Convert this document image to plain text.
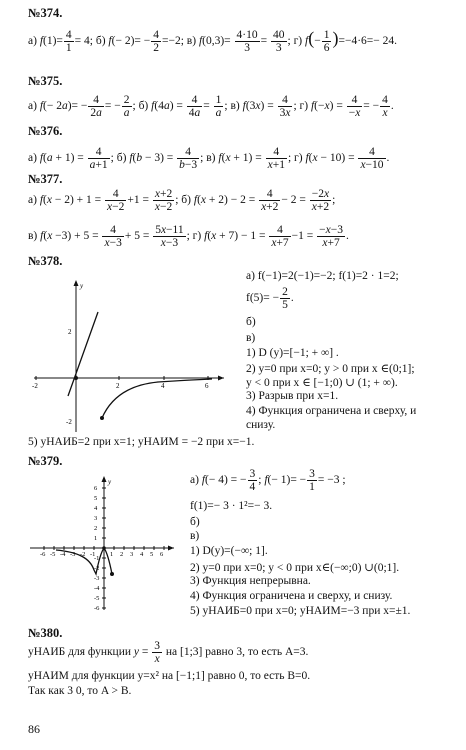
№374.
а) $f(1)= \frac{4}{1} = 4$; б) $f(- 2)= - \frac{4}{2} =-2$; в) $f(0,3)= \frac{4\cdot 10}{3} = \frac{40}{3}$ ; г) $f(- \frac{1}{6} )=-4\cdot 6=- 24$.
№375.
а) $f(- 2a)= - \frac{4}{2a}$ = − $\frac{2}{a}$ ; б) $f(4a) = \frac{4}{4a} = \frac{1}{a}$ ; в) $f(3x) = \frac{4}{3x}$ ; г) $f(-x) = \frac{4}{-x}$ = − $\frac{4}{x}$ .
№376.
а) $f(a + 1) = \frac{4}{a+1}$ ; б) $f(b - 3) = \frac{4}{b-3}$ ; в) $f(x + 1) = \frac{4}{x+1}$ ; г) $f(x - 10) = \frac{4}{x-10}$ .
№377.
а) $f(x - 2) + 1 = \frac{4}{x-2} +1 = \frac{x+2}{x-2}$ ; б) $f(x + 2) - 2 = \frac{4}{x+2} - 2 = \frac{-2x}{x+2}$ ;
в) $f(x -3) + 5 = \frac{4}{x-3} + 5 = \frac{5x-11}{x-3}$ ; г) $f(x + 7) - 1 = \frac{4}{x+7} -1 = \frac{-x-3}{x+7}$ .
№378.
y
-2	2	4	6
2
-2
а) f(−1)=2(−1)=−2; f(1)=2 · 1=2;
$f(5)= - \frac{2}{5}$ .
б)
в)
1) D (y)=[−1; + ∞] .
2) y=0 при x=0; y > 0 при x ∈(0;1];
y < 0 при x ∈ [−1;0) ∪ (1; + ∞).
3) Разрыв при x=1.
4) Функция ограничена и сверху, и
снизу.
5) yНАИБ=2 при x=1; yНАИМ = −2 при x=−1.
№379.
y
-6 -5 -4 -3 -2 -1 1 2 3 4 5 6
6
5
4
3
2
1
-1
-2
-3
-4
-5
-6
а) f(− 4) = − $\frac{3}{4}$ ; $f(- 1)= - \frac{3}{1} = -3$ ;
f(1)=− 3 · 1²=− 3.
б)
в)
1) D(y)=(−∞; 1].
2) y=0 при x=0; y < 0 при x∈(−∞;0) ∪(0;1].
3) Функция непрерывна.
4) Функция ограничена и сверху, и снизу.
5) yНАИБ=0 при x=0; yНАИМ=−3 при x=±1.
№380.
yНАИБ для функции $y = \frac{3}{x}$ на [1;3] равно 3, то есть A=3.
yНАИМ для функции y=x² на [−1;1] равно 0, то есть B=0.
Так как 3 0, то A > B.
86
